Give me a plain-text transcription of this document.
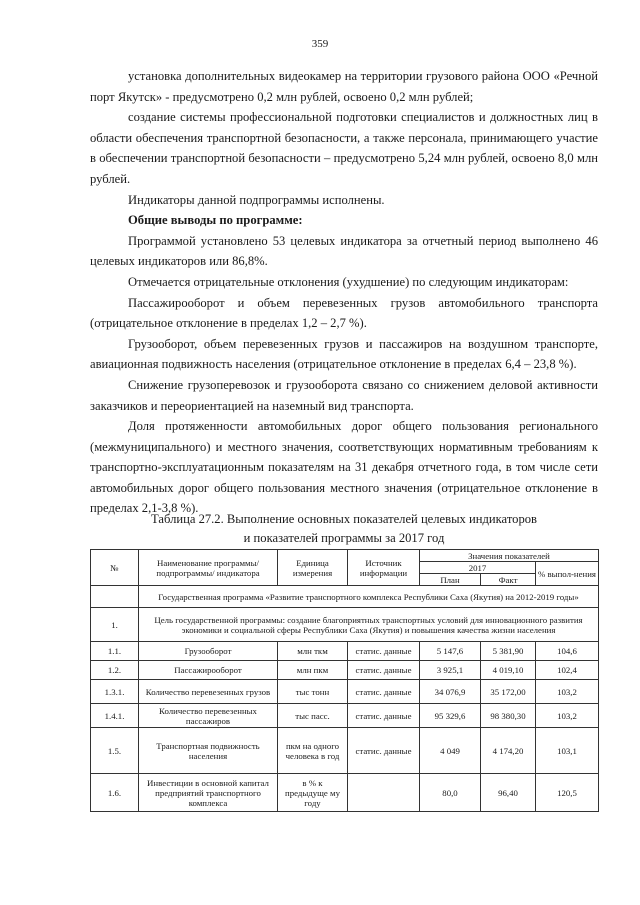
359

установка дополнительных видеокамер на территории грузового района ООО «Речной порт Якутск» - предусмотрено 0,2 млн рублей, освоено 0,2 млн рублей;

создание системы профессиональной подготовки специалистов и должностных лиц в области обеспечения транспортной безопасности, а также персонала, принимающего участие в обеспечении транспортной безопасности – предусмотрено 5,24 млн рублей, освоено 8,0 млн рублей.

Индикаторы данной подпрограммы исполнены.

Общие выводы по программе:

Программой установлено 53 целевых индикатора за отчетный период выполнено 46 целевых индикаторов или 86,8%.

Отмечается отрицательные отклонения (ухудшение) по следующим индикаторам:

Пассажирооборот и объем перевезенных грузов автомобильного транспорта (отрицательное отклонение в пределах 1,2 – 2,7 %).

Грузооборот, объем перевезенных грузов и пассажиров на воздушном транспорте, авиационная подвижность населения (отрицательное отклонение в пределах 6,4 – 23,8 %).

Снижение грузоперевозок и грузооборота связано со снижением деловой активности заказчиков и переориентацией на наземный вид транспорта.

Доля протяженности автомобильных дорог общего пользования регионального (межмуниципального) и местного значения, соответствующих нормативным требованиям к транспортно-эксплуатационным показателям на 31 декабря отчетного года, в том числе сети автомобильных дорог общего пользования местного значения (отрицательное отклонение в пределах 2,1-3,8 %).

Таблица 27.2. Выполнение основных показателей целевых индикаторов
и показателей программы за 2017 год
№	Наименование программы/ подпрограммы/ индикатора	Единица измерения	Источник информации	Значения показателей		
				2017		% выпол-нения
				План	Факт	
	Государственная программа «Развитие транспортного комплекса Республики Саха (Якутия) на 2012-2019 годы»					
1.	Цель государственной программы: создание благоприятных транспортных условий для инновационного развития экономики и социальной сферы Республики Саха (Якутия) и повышения качества жизни населения					
1.1.	Грузооборот	млн ткм	статис. данные	5 147,6	5 381,90	104,6
1.2.	Пассажирооборот	млн пкм	статис. данные	3 925,1	4 019,10	102,4
1.3.1.	Количество перевезенных грузов	тыс тонн	статис. данные	34 076,9	35 172,00	103,2
1.4.1.	Количество перевезенных пассажиров	тыс пасс.	статис. данные	95 329,6	98 380,30	103,2
1.5.	Транспортная подвижность населения	пкм на одного человека в год	статис. данные	4 049	4 174,20	103,1
1.6.	Инвестиции в основной капитал предприятий транспортного комплекса	в % к предыдуще му году		80,0	96,40	120,5
